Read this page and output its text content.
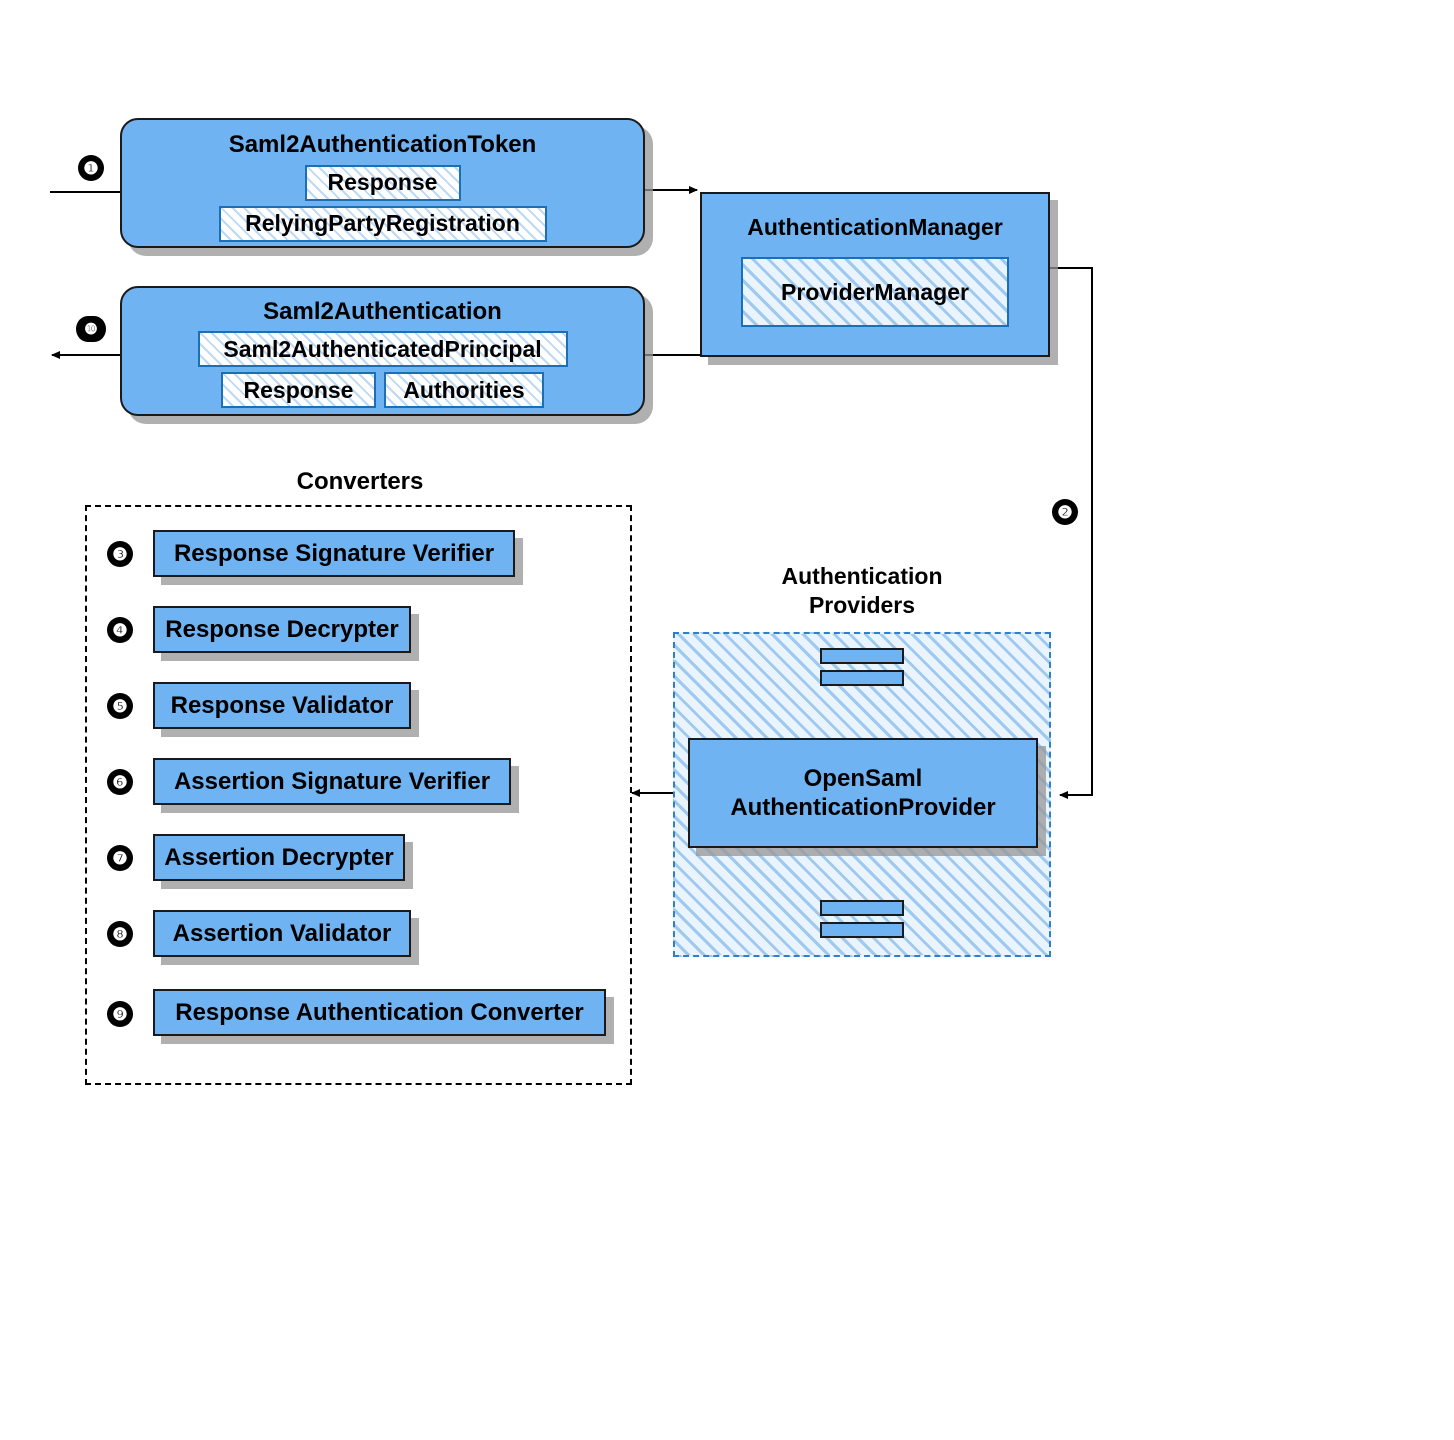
❶
Saml2AuthenticationToken
Response
RelyingPartyRegistration
❿
Saml2Authentication
Saml2AuthenticatedPrincipal
Response Authorities
AuthenticationManager
ProviderManager
❷
Authentication
Providers
OpenSaml
AuthenticationProvider
Converters
❸ Response Signature Verifier
❹ Response Decrypter
❺ Response Validator
❻ Assertion Signature Verifier
❼ Assertion Decrypter
❽ Assertion Validator
❾ Response Authentication Converter
